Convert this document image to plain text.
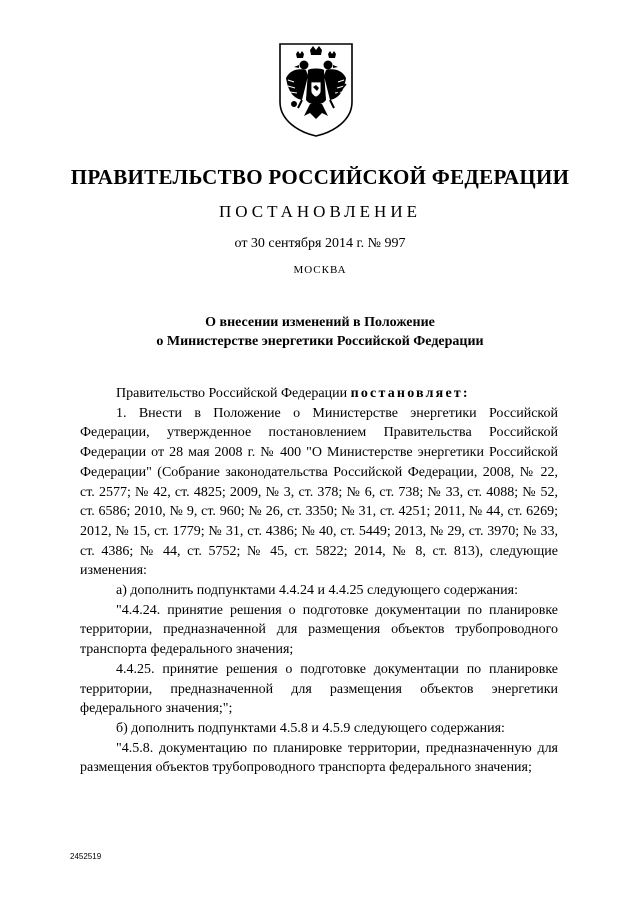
ПРАВИТЕЛЬСТВО РОССИЙСКОЙ ФЕДЕРАЦИИ
ПОСТАНОВЛЕНИЕ
от 30 сентября 2014 г. № 997
МОСКВА
О внесении изменений в Положение
о Министерстве энергетики Российской Федерации

Правительство Российской Федерации постановляет:

1. Внести в Положение о Министерстве энергетики Российской Федерации, утвержденное постановлением Правительства Российской Федерации от 28 мая 2008 г. № 400 "О Министерстве энергетики Российской Федерации" (Собрание законодательства Российской Федерации, 2008, № 22, ст. 2577; № 42, ст. 4825; 2009, № 3, ст. 378; № 6, ст. 738; № 33, ст. 4088; № 52, ст. 6586; 2010, № 9, ст. 960; № 26, ст. 3350; № 31, ст. 4251; 2011, № 44, ст. 6269; 2012, № 15, ст. 1779; № 31, ст. 4386; № 40, ст. 5449; 2013, № 29, ст. 3970; № 33, ст. 4386; № 44, ст. 5752; № 45, ст. 5822; 2014, № 8, ст. 813), следующие изменения:

а) дополнить подпунктами 4.4.24 и 4.4.25 следующего содержания:

"4.4.24. принятие решения о подготовке документации по планировке территории, предназначенной для размещения объектов трубопроводного транспорта федерального значения;

4.4.25. принятие решения о подготовке документации по планировке территории, предназначенной для размещения объектов энергетики федерального значения;";

б) дополнить подпунктами 4.5.8 и 4.5.9 следующего содержания:

"4.5.8. документацию по планировке территории, предназначенную для размещения объектов трубопроводного транспорта федерального значения;

2452519
